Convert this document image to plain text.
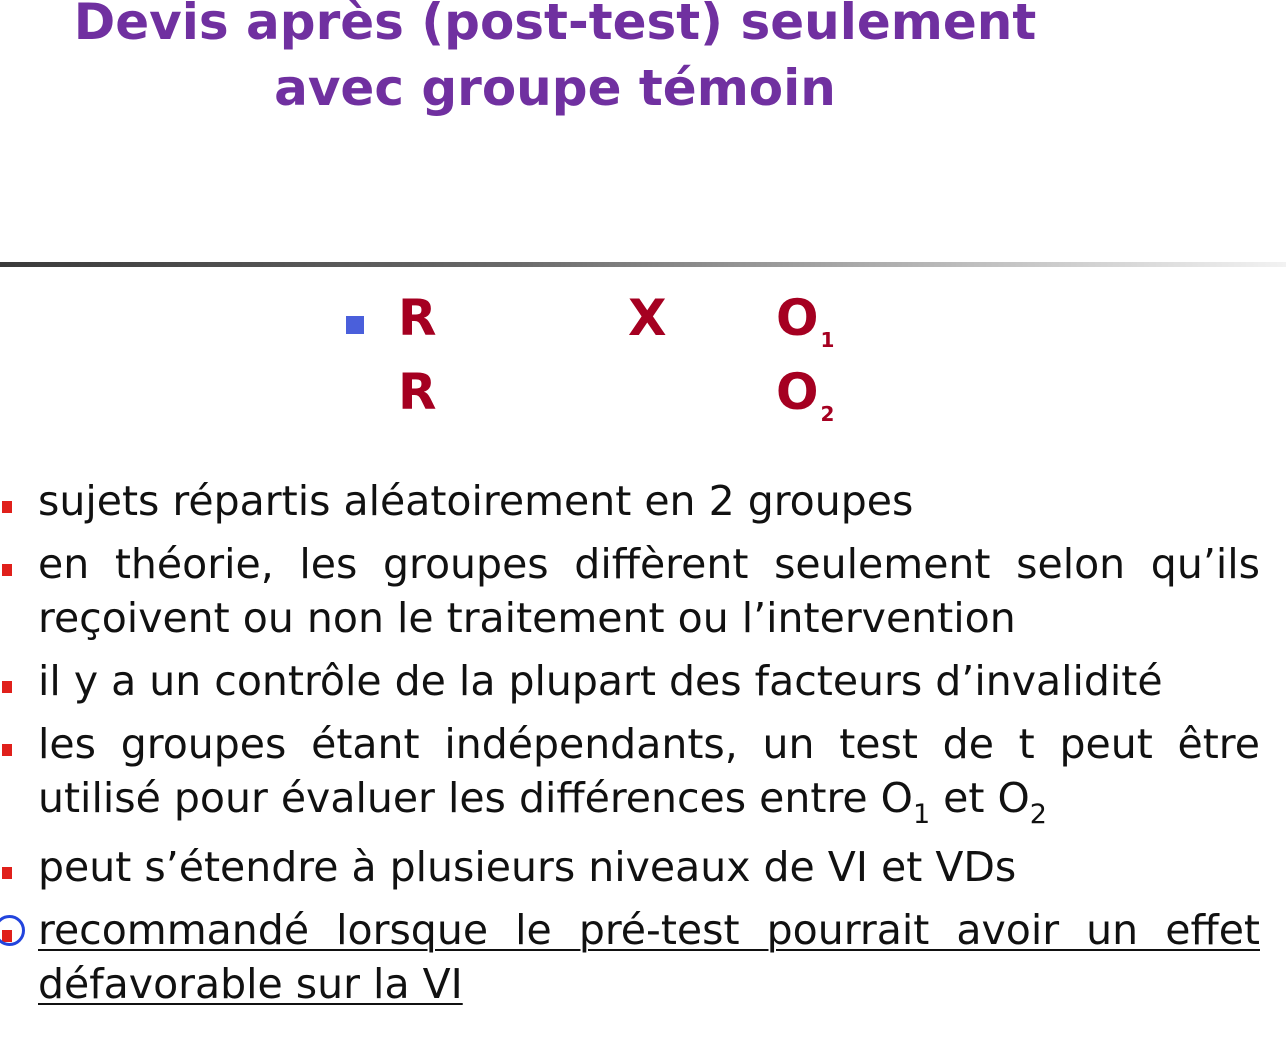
Devis après (post-test) seulement
avec groupe témoin
R	X O $_1$
R	O $_2$
sujets répartis aléatoirement en 2 groupes
en théorie, les groupes diffèrent seulement selon qu’ils reçoivent ou non le traitement ou l’intervention
il y a un contrôle de la plupart des facteurs d’invalidité
les groupes étant indépendants, un test de t peut être utilisé pour évaluer les différences entre $O_1$ et $O_2$
peut s’étendre à plusieurs niveaux de VI et VDs
recommandé lorsque le pré-test pourrait avoir un effet défavorable sur la VI
